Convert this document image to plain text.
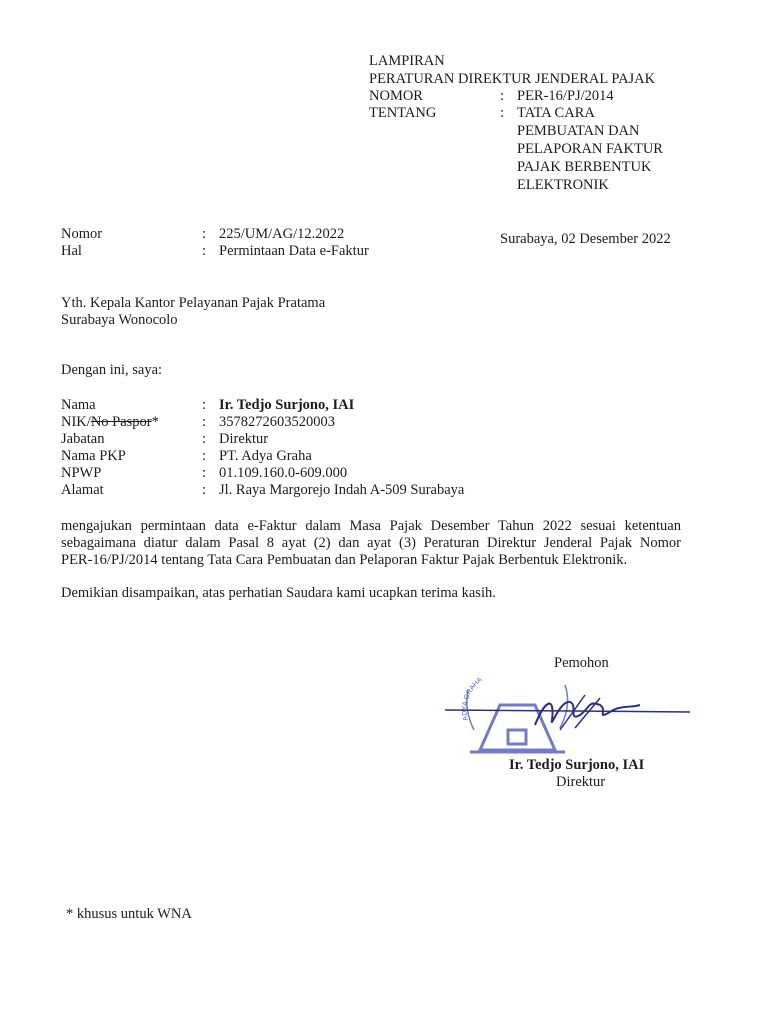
LAMPIRAN
PERATURAN DIREKTUR JENDERAL PAJAK
NOMOR	: PER-16/PJ/2014
TENTANG	: TATA CARA
PEMBUATAN DAN
PELAPORAN FAKTUR
PAJAK BERBENTUK
ELEKTRONIK
Nomor	: 225/UM/AG/12.2022	Surabaya, 02 Desember 2022
Hal	: Permintaan Data e-Faktur
Yth. Kepala Kantor Pelayanan Pajak Pratama
Surabaya Wonocolo
Dengan ini, saya:
Nama	: Ir. Tedjo Surjono, IAI
NIK/No Paspor*	: 3578272603520003
Jabatan	: Direktur
Nama PKP	: PT. Adya Graha
NPWP	: 01.109.160.0-609.000
Alamat	: Jl. Raya Margorejo Indah A-509 Surabaya
mengajukan permintaan data e-Faktur dalam Masa Pajak Desember Tahun 2022 sesuai ketentuan
sebagaimana diatur dalam Pasal 8 ayat (2) dan ayat (3) Peraturan Direktur Jenderal Pajak Nomor
PER-16/PJ/2014 tentang Tata Cara Pembuatan dan Pelaporan Faktur Pajak Berbentuk Elektronik.
Demikian disampaikan, atas perhatian Saudara kami ucapkan terima kasih.
Pemohon
ADYA GRAHA
Ir. Tedjo Surjono, IAI
Direktur
* khusus untuk WNA
